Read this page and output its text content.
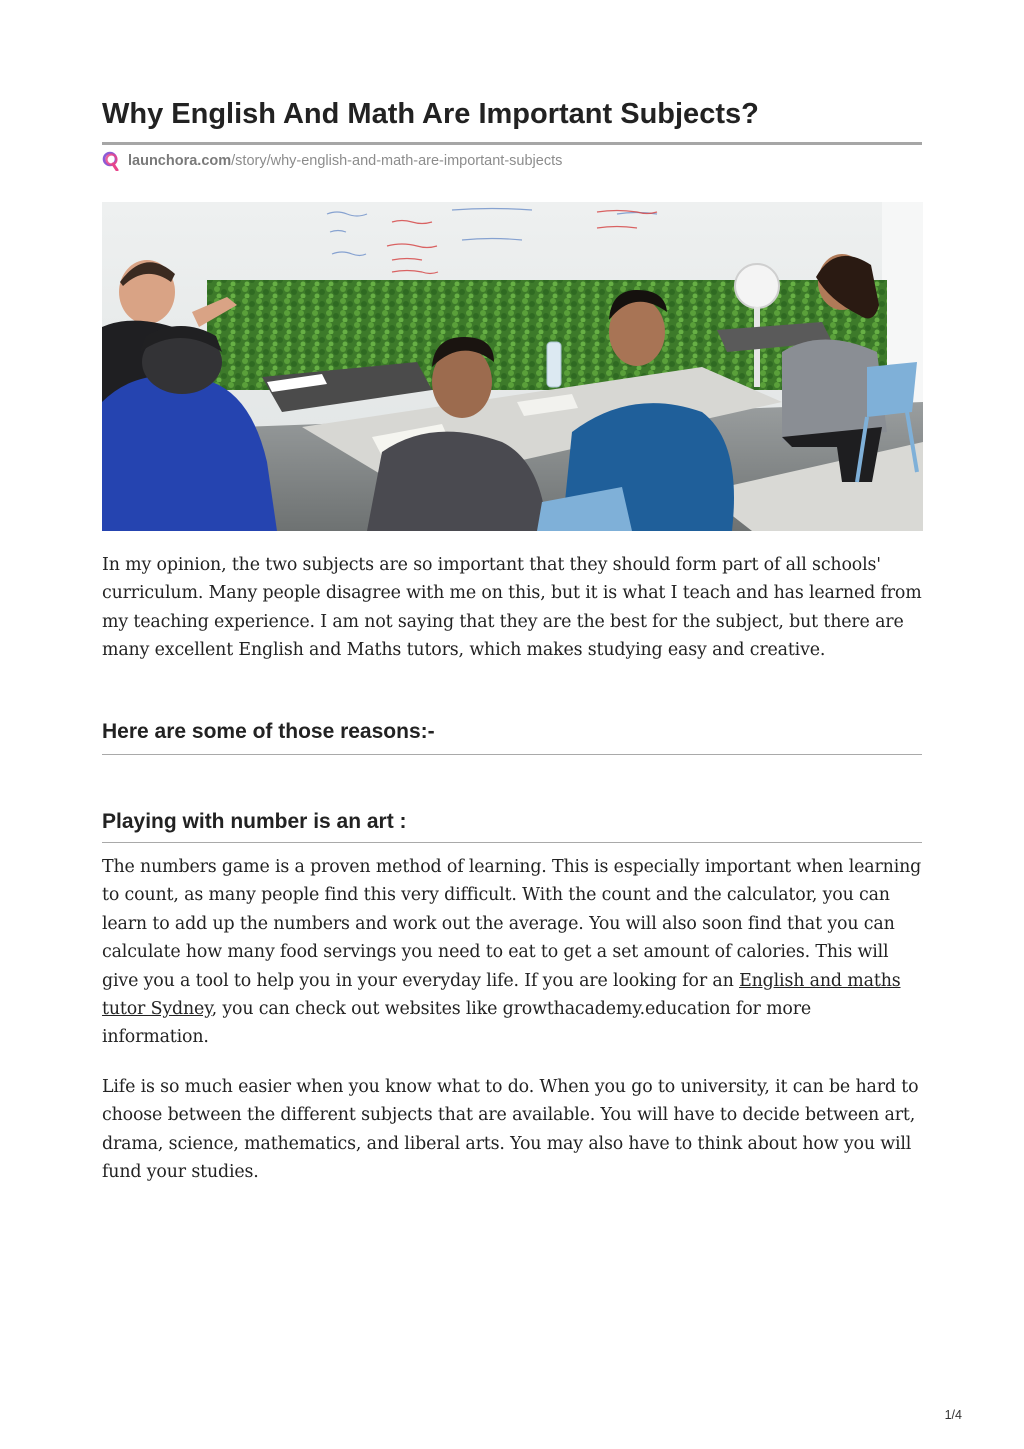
Why English And Math Are Important Subjects?
launchora.com /story/why-english-and-math-are-important-subjects

In my opinion, the two subjects are so important that they should form part of all schools' curriculum. Many people disagree with me on this, but it is what I teach and has learned from my teaching experience. I am not saying that they are the best for the subject, but there are many excellent English and Maths tutors, which makes studying easy and creative.

Here are some of those reasons:-
Playing with number is an art :

The numbers game is a proven method of learning. This is especially important when learning to count, as many people find this very difficult. With the count and the calculator, you can learn to add up the numbers and work out the average. You will also soon find that you can calculate how many food servings you need to eat to get a set amount of calories. This will give you a tool to help you in your everyday life. If you are looking for an English and maths tutor Sydney, you can check out websites like growthacademy.education for more information.

Life is so much easier when you know what to do. When you go to university, it can be hard to choose between the different subjects that are available. You will have to decide between art, drama, science, mathematics, and liberal arts. You may also have to think about how you will fund your studies.

1/4
